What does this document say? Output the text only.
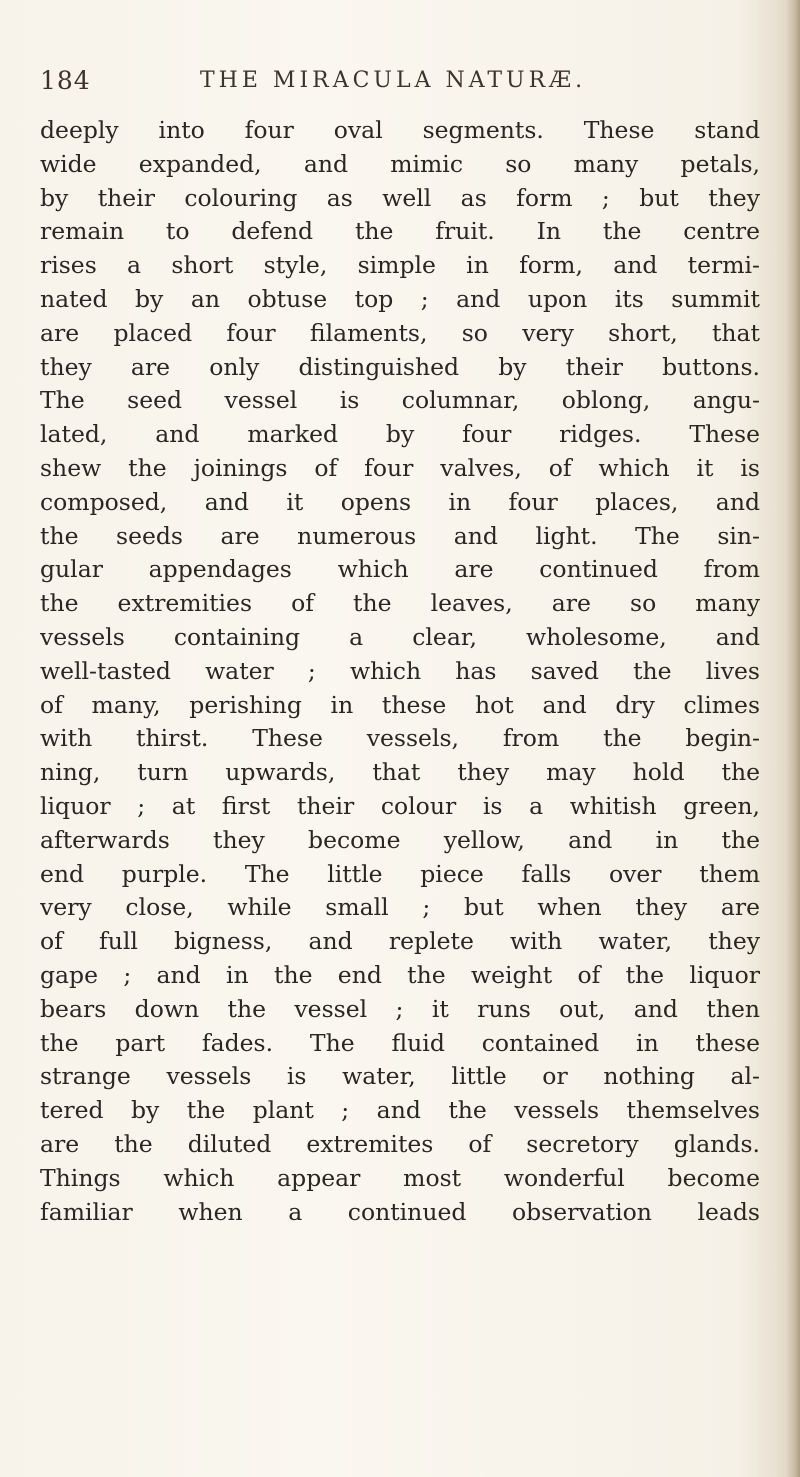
184	THE MIRACULA NATURÆ.
deeply into four oval segments. These stand
wide expanded, and mimic so many petals,
by their colouring as well as form ; but they
remain to defend the fruit. In the centre
rises a short style, simple in form, and termi-
nated by an obtuse top ; and upon its summit
are placed four filaments, so very short, that
they are only distinguished by their buttons.
The seed vessel is columnar, oblong, angu-
lated, and marked by four ridges. These
shew the joinings of four valves, of which it is
composed, and it opens in four places, and
the seeds are numerous and light. The sin-
gular appendages which are continued from
the extremities of the leaves, are so many
vessels containing a clear, wholesome, and
well-tasted water ; which has saved the lives
of many, perishing in these hot and dry climes
with thirst. These vessels, from the begin-
ning, turn upwards, that they may hold the
liquor ; at first their colour is a whitish green,
afterwards they become yellow, and in the
end purple. The little piece falls over them
very close, while small ; but when they are
of full bigness, and replete with water, they
gape ; and in the end the weight of the liquor
bears down the vessel ; it runs out, and then
the part fades. The fluid contained in these
strange vessels is water, little or nothing al-
tered by the plant ; and the vessels themselves
are the diluted extremites of secretory glands.
Things which appear most wonderful become
familiar when a continued observation leads
